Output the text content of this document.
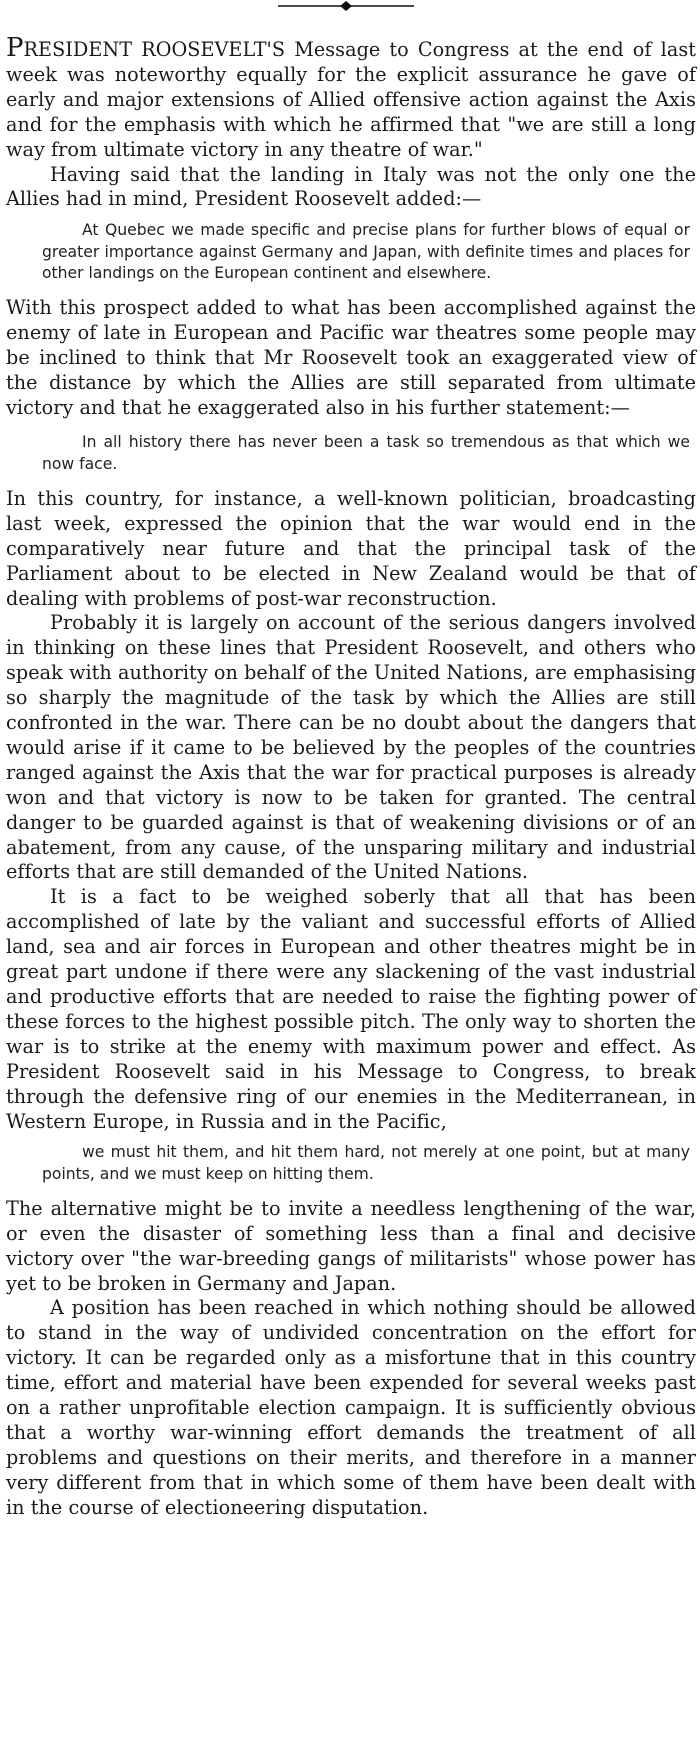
PRESIDENT ROOSEVELT'S Message to Congress at the end of last week was noteworthy equally for the explicit assurance he gave of early and major extensions of Allied offensive action against the Axis and for the emphasis with which he affirmed that "we are still a long way from ultimate victory in any theatre of war."

Having said that the landing in Italy was not the only one the Allies had in mind, President Roosevelt added:—

At Quebec we made specific and precise plans for further blows of equal or greater importance against Germany and Japan, with definite times and places for other landings on the European continent and elsewhere.

With this prospect added to what has been accomplished against the enemy of late in European and Pacific war theatres some people may be inclined to think that Mr Roosevelt took an exaggerated view of the distance by which the Allies are still separated from ultimate victory and that he exaggerated also in his further statement:—

In all history there has never been a task so tremendous as that which we now face.

In this country, for instance, a well-known politician, broadcasting last week, expressed the opinion that the war would end in the comparatively near future and that the principal task of the Parliament about to be elected in New Zealand would be that of dealing with problems of post-war reconstruction.

Probably it is largely on account of the serious dangers involved in thinking on these lines that President Roosevelt, and others who speak with authority on behalf of the United Nations, are emphasising so sharply the magnitude of the task by which the Allies are still confronted in the war. There can be no doubt about the dangers that would arise if it came to be believed by the peoples of the countries ranged against the Axis that the war for practical purposes is already won and that victory is now to be taken for granted. The central danger to be guarded against is that of weakening divisions or of an abatement, from any cause, of the unsparing military and industrial efforts that are still demanded of the United Nations.

It is a fact to be weighed soberly that all that has been accomplished of late by the valiant and successful efforts of Allied land, sea and air forces in European and other theatres might be in great part undone if there were any slackening of the vast industrial and productive efforts that are needed to raise the fighting power of these forces to the highest possible pitch. The only way to shorten the war is to strike at the enemy with maximum power and effect. As President Roosevelt said in his Message to Congress, to break through the defensive ring of our enemies in the Mediterranean, in Western Europe, in Russia and in the Pacific,

we must hit them, and hit them hard, not merely at one point, but at many points, and we must keep on hitting them.

The alternative might be to invite a needless lengthening of the war, or even the disaster of something less than a final and decisive victory over "the war-breeding gangs of militarists" whose power has yet to be broken in Germany and Japan.

A position has been reached in which nothing should be allowed to stand in the way of undivided concentration on the effort for victory. It can be regarded only as a misfortune that in this country time, effort and material have been expended for several weeks past on a rather unprofitable election campaign. It is sufficiently obvious that a worthy war-winning effort demands the treatment of all problems and questions on their merits, and therefore in a manner very different from that in which some of them have been dealt with in the course of electioneering disputation.
